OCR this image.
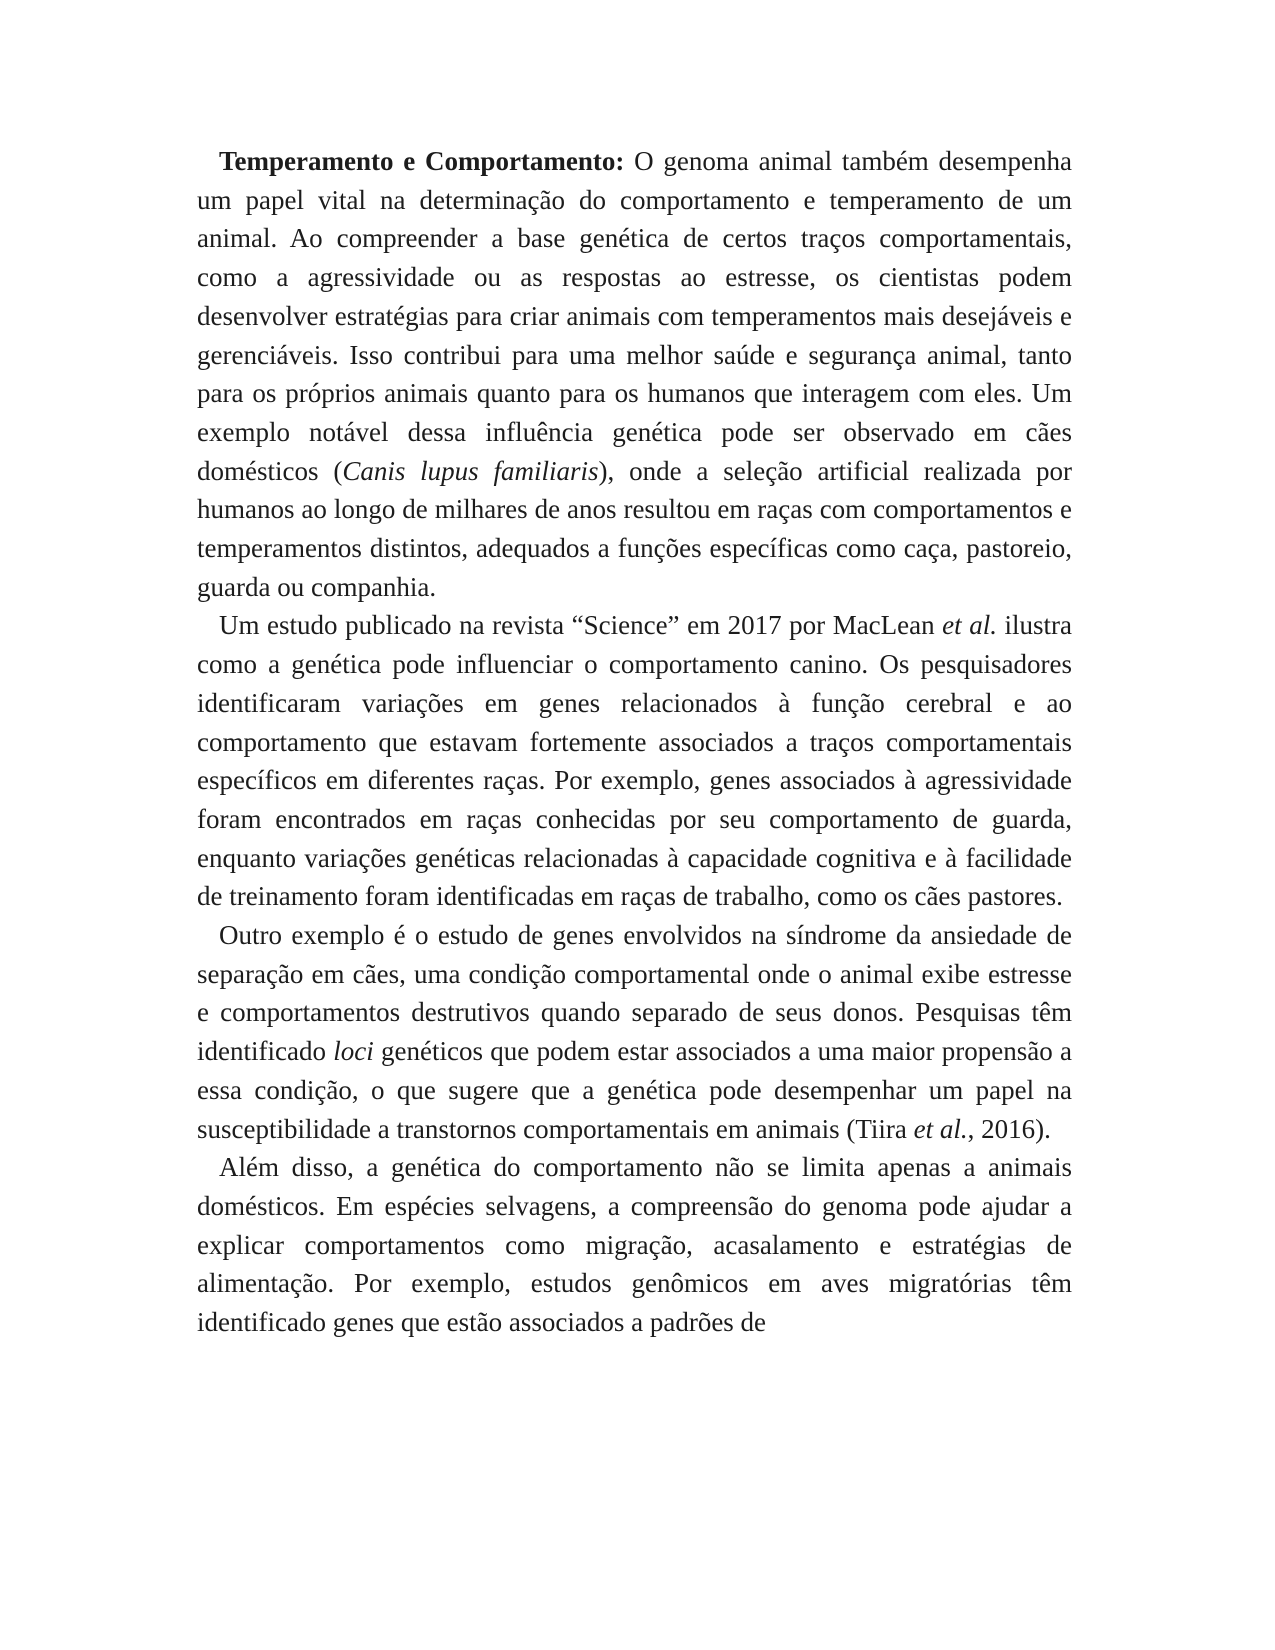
Temperamento e Comportamento: O genoma animal também desempenha um papel vital na determinação do comportamento e temperamento de um animal. Ao compreender a base genética de certos traços comportamentais, como a agressividade ou as respostas ao estresse, os cientistas podem desenvolver estratégias para criar animais com temperamentos mais desejáveis e gerenciáveis. Isso contribui para uma melhor saúde e segurança animal, tanto para os próprios animais quanto para os humanos que interagem com eles. Um exemplo notável dessa influência genética pode ser observado em cães domésticos (Canis lupus familiaris), onde a seleção artificial realizada por humanos ao longo de milhares de anos resultou em raças com comportamentos e temperamentos distintos, adequados a funções específicas como caça, pastoreio, guarda ou companhia.

Um estudo publicado na revista “Science” em 2017 por MacLean et al. ilustra como a genética pode influenciar o comportamento canino. Os pesquisadores identificaram variações em genes relacionados à função cerebral e ao comportamento que estavam fortemente associados a traços comportamentais específicos em diferentes raças. Por exemplo, genes associados à agressividade foram encontrados em raças conhecidas por seu comportamento de guarda, enquanto variações genéticas relacionadas à capacidade cognitiva e à facilidade de treinamento foram identificadas em raças de trabalho, como os cães pastores.

Outro exemplo é o estudo de genes envolvidos na síndrome da ansiedade de separação em cães, uma condição comportamental onde o animal exibe estresse e comportamentos destrutivos quando separado de seus donos. Pesquisas têm identificado loci genéticos que podem estar associados a uma maior propensão a essa condição, o que sugere que a genética pode desempenhar um papel na susceptibilidade a transtornos comportamentais em animais (Tiira et al., 2016).

Além disso, a genética do comportamento não se limita apenas a animais domésticos. Em espécies selvagens, a compreensão do genoma pode ajudar a explicar comportamentos como migração, acasalamento e estratégias de alimentação. Por exemplo, estudos genômicos em aves migratórias têm identificado genes que estão associados a padrões de
